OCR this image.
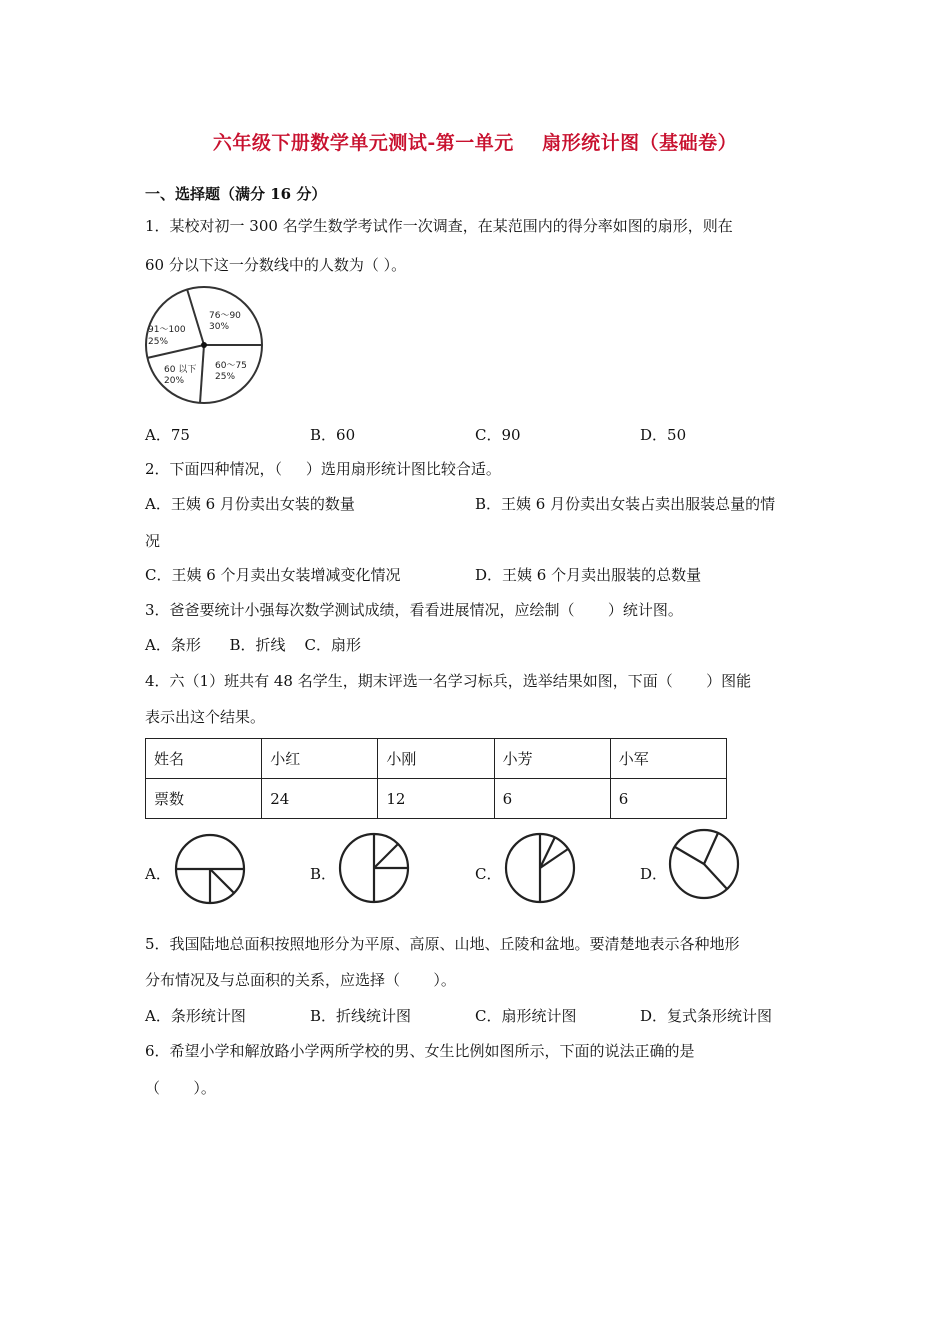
六年级下册数学单元测试-第一单元    扇形统计图（基础卷）
一、选择题（满分 16 分）
1．某校对初一 300 名学生数学考试作一次调查，在某范围内的得分率如图的扇形，则在
60 分以下这一分数线中的人数为（ ）。
76～90
30%
60～75
25%
60 以下
20%
91～100
25%
A．75	B．60	C．90	D．50
2．下面四种情况，（     ）选用扇形统计图比较合适。
A．王姨 6 月份卖出女装的数量	B．王姨 6 月份卖出女装占卖出服装总量的情
况
C．王姨 6 个月卖出女装增减变化情况	D．王姨 6 个月卖出服装的总数量
3．爸爸要统计小强每次数学测试成绩，看看进展情况，应绘制（       ）统计图。
A．条形      B．折线    C．扇形
4．六（1）班共有 48 名学生，期末评选一名学习标兵，选举结果如图，下面（       ）图能
表示出这个结果。
姓名	小红	小刚	小芳	小军
票数	24	12	6	6
A．	B．	C．	D．
5．我国陆地总面积按照地形分为平原、高原、山地、丘陵和盆地。要清楚地表示各种地形
分布情况及与总面积的关系，应选择（       ）。
A．条形统计图	B．折线统计图	C．扇形统计图	D．复式条形统计图
6．希望小学和解放路小学两所学校的男、女生比例如图所示，下面的说法正确的是
（       ）。
